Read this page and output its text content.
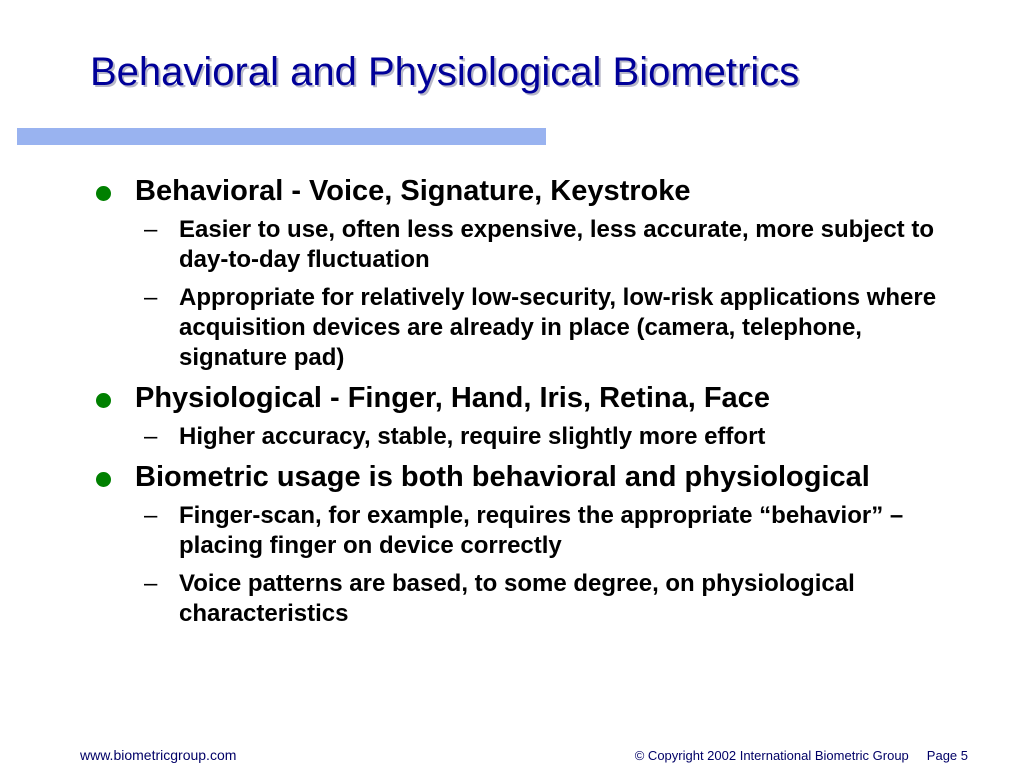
Behavioral and Physiological Biometrics
Behavioral - Voice, Signature, Keystroke
– Easier to use, often less expensive, less accurate, more subject to day-to-day fluctuation
– Appropriate for relatively low-security, low-risk applications where acquisition devices are already in place (camera, telephone, signature pad)
Physiological - Finger, Hand, Iris, Retina, Face
– Higher accuracy, stable, require slightly more effort
Biometric usage is both behavioral and physiological
– Finger-scan, for example, requires the appropriate “behavior” – placing finger on device correctly
– Voice patterns are based, to some degree, on physiological characteristics
www.biometricgroup.com	© Copyright 2002 International Biometric Group Page 5
